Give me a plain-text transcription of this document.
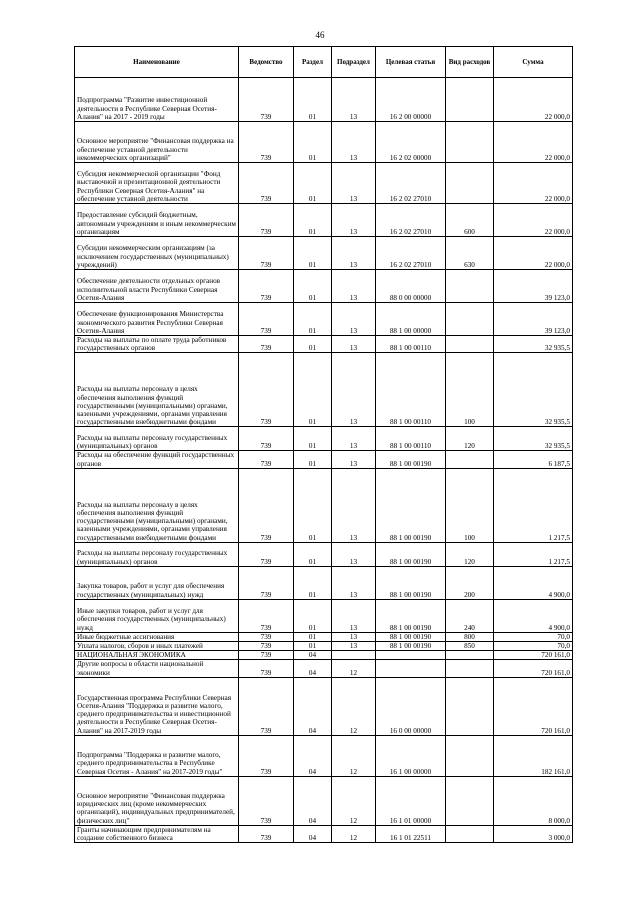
46
Наименование	Ведомство	Раздел	Подраздел	Целевая статья	Вид расходов	Сумма
Подпрограмма "Развитие инвестиционной деятельности в Республике Северная Осетия-Алания" на 2017 - 2019 годы	739	01	13	16 2 00 00000		22 000,0
Основное мероприятие "Финансовая поддержка на обеспечение уставной деятельности некоммерческих организаций"	739	01	13	16 2 02 00000		22 000,0
Субсидия некоммерческой организации "Фонд выставочной и презентационной деятельности Республики Северная Осетия-Алания" на обеспечение уставной деятельности	739	01	13	16 2 02 27010		22 000,0
Предоставление субсидий бюджетным, автономным учреждениям и иным некоммерческим организациям	739	01	13	16 2 02 27010	600	22 000,0
Субсидии некоммерческим организациям (за исключением государственных (муниципальных) учреждений)	739	01	13	16 2 02 27010	630	22 000,0
Обеспечение деятельности отдельных органов исполнительной власти Республики Северная Осетия-Алания	739	01	13	88 0 00 00000		39 123,0
Обеспечение функционирования Министерства экономического развития Республики Северная Осетия-Алания	739	01	13	88 1 00 00000		39 123,0
Расходы на выплаты по оплате труда работников государственных органов	739	01	13	88 1 00 00110		32 935,5
Расходы на выплаты персоналу в целях обеспечения выполнения функций государственными (муниципальными) органами, казенными учреждениями, органами управления государственными внебюджетными фондами	739	01	13	88 1 00 00110	100	32 935,5
Расходы на выплаты персоналу государственных (муниципальных) органов	739	01	13	88 1 00 00110	120	32 935,5
Расходы на обеспечение функций государственных органов	739	01	13	88 1 00 00190		6 187,5
Расходы на выплаты персоналу в целях обеспечения выполнения функций государственными (муниципальными) органами, казенными учреждениями, органами управления государственными внебюджетными фондами	739	01	13	88 1 00 00190	100	1 217,5
Расходы на выплаты персоналу государственных (муниципальных) органов	739	01	13	88 1 00 00190	120	1 217,5
Закупка товаров, работ и услуг для обеспечения государственных (муниципальных) нужд	739	01	13	88 1 00 00190	200	4 900,0
Иные закупки товаров, работ и услуг для обеспечения государственных (муниципальных) нужд	739	01	13	88 1 00 00190	240	4 900,0
Иные бюджетные ассигнования	739	01	13	88 1 00 00190	800	70,0
Уплата налогов, сборов и иных платежей	739	01	13	88 1 00 00190	850	70,0
НАЦИОНАЛЬНАЯ ЭКОНОМИКА	739	04				720 161,0
Другие вопросы в области национальной экономики	739	04	12			720 161,0
Государственная программа Республики Северная Осетия-Алания "Поддержка и развитие малого, среднего предпринимательства и инвестиционной деятельности в Республике Северная Осетия-Алания" на 2017-2019 годы	739	04	12	16 0 00 00000		720 161,0
Подпрограмма "Поддержка и развитие малого, среднего предпринимательства в Республике Северная Осетия - Алания" на 2017-2019 годы"	739	04	12	16 1 00 00000		182 161,0
Основное мероприятие "Финансовая поддержка юридических лиц (кроме некоммерческих организаций), индивидуальных предпринимателей, физических лиц"	739	04	12	16 1 01 00000		8 000,0
Гранты начинающим предпринимателям на создание собственного бизнеса	739	04	12	16 1 01 22511		3 000,0
